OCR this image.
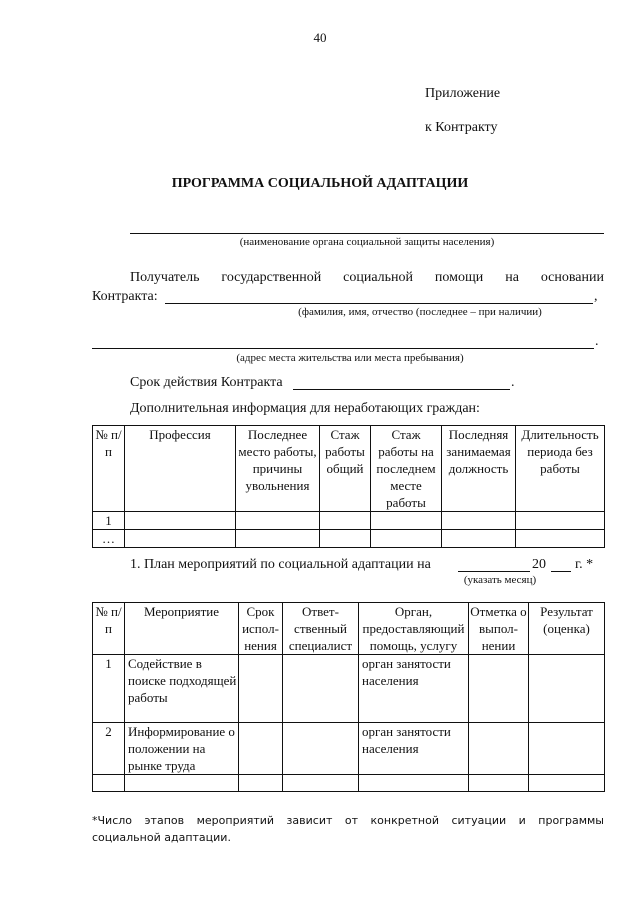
40
Приложение
к Контракту
ПРОГРАММА СОЦИАЛЬНОЙ АДАПТАЦИИ
(наименование органа социальной защиты населения)
Получатель государственной социальной помощи на основании
Контракта:	,
(фамилия, имя, отчество (последнее – при наличии)
.
(адрес места жительства или места пребывания)
Срок действия Контракта	.
Дополнительная информация для неработающих граждан:
№ п/п	Профессия	Последнее место работы, причины увольнения	Стаж работы общий	Стаж работы на последнем месте работы	Последняя занимаемая должность	Длительность периода без работы
1						
…						
1. План мероприятий по социальной адаптации на	20 г. *
(указать месяц)
№ п/п	Мероприятие	Срок испол-нения	Ответ-ственный специалист	Орган, предоставляющий помощь, услугу	Отметка о выпол-нении	Результат (оценка)
1	Содействие в поиске подходящей работы			орган занятости населения		
2	Информирование о положении на рынке труда			орган занятости населения		

*Число этапов мероприятий зависит от конкретной ситуации и программы социальной адаптации.
